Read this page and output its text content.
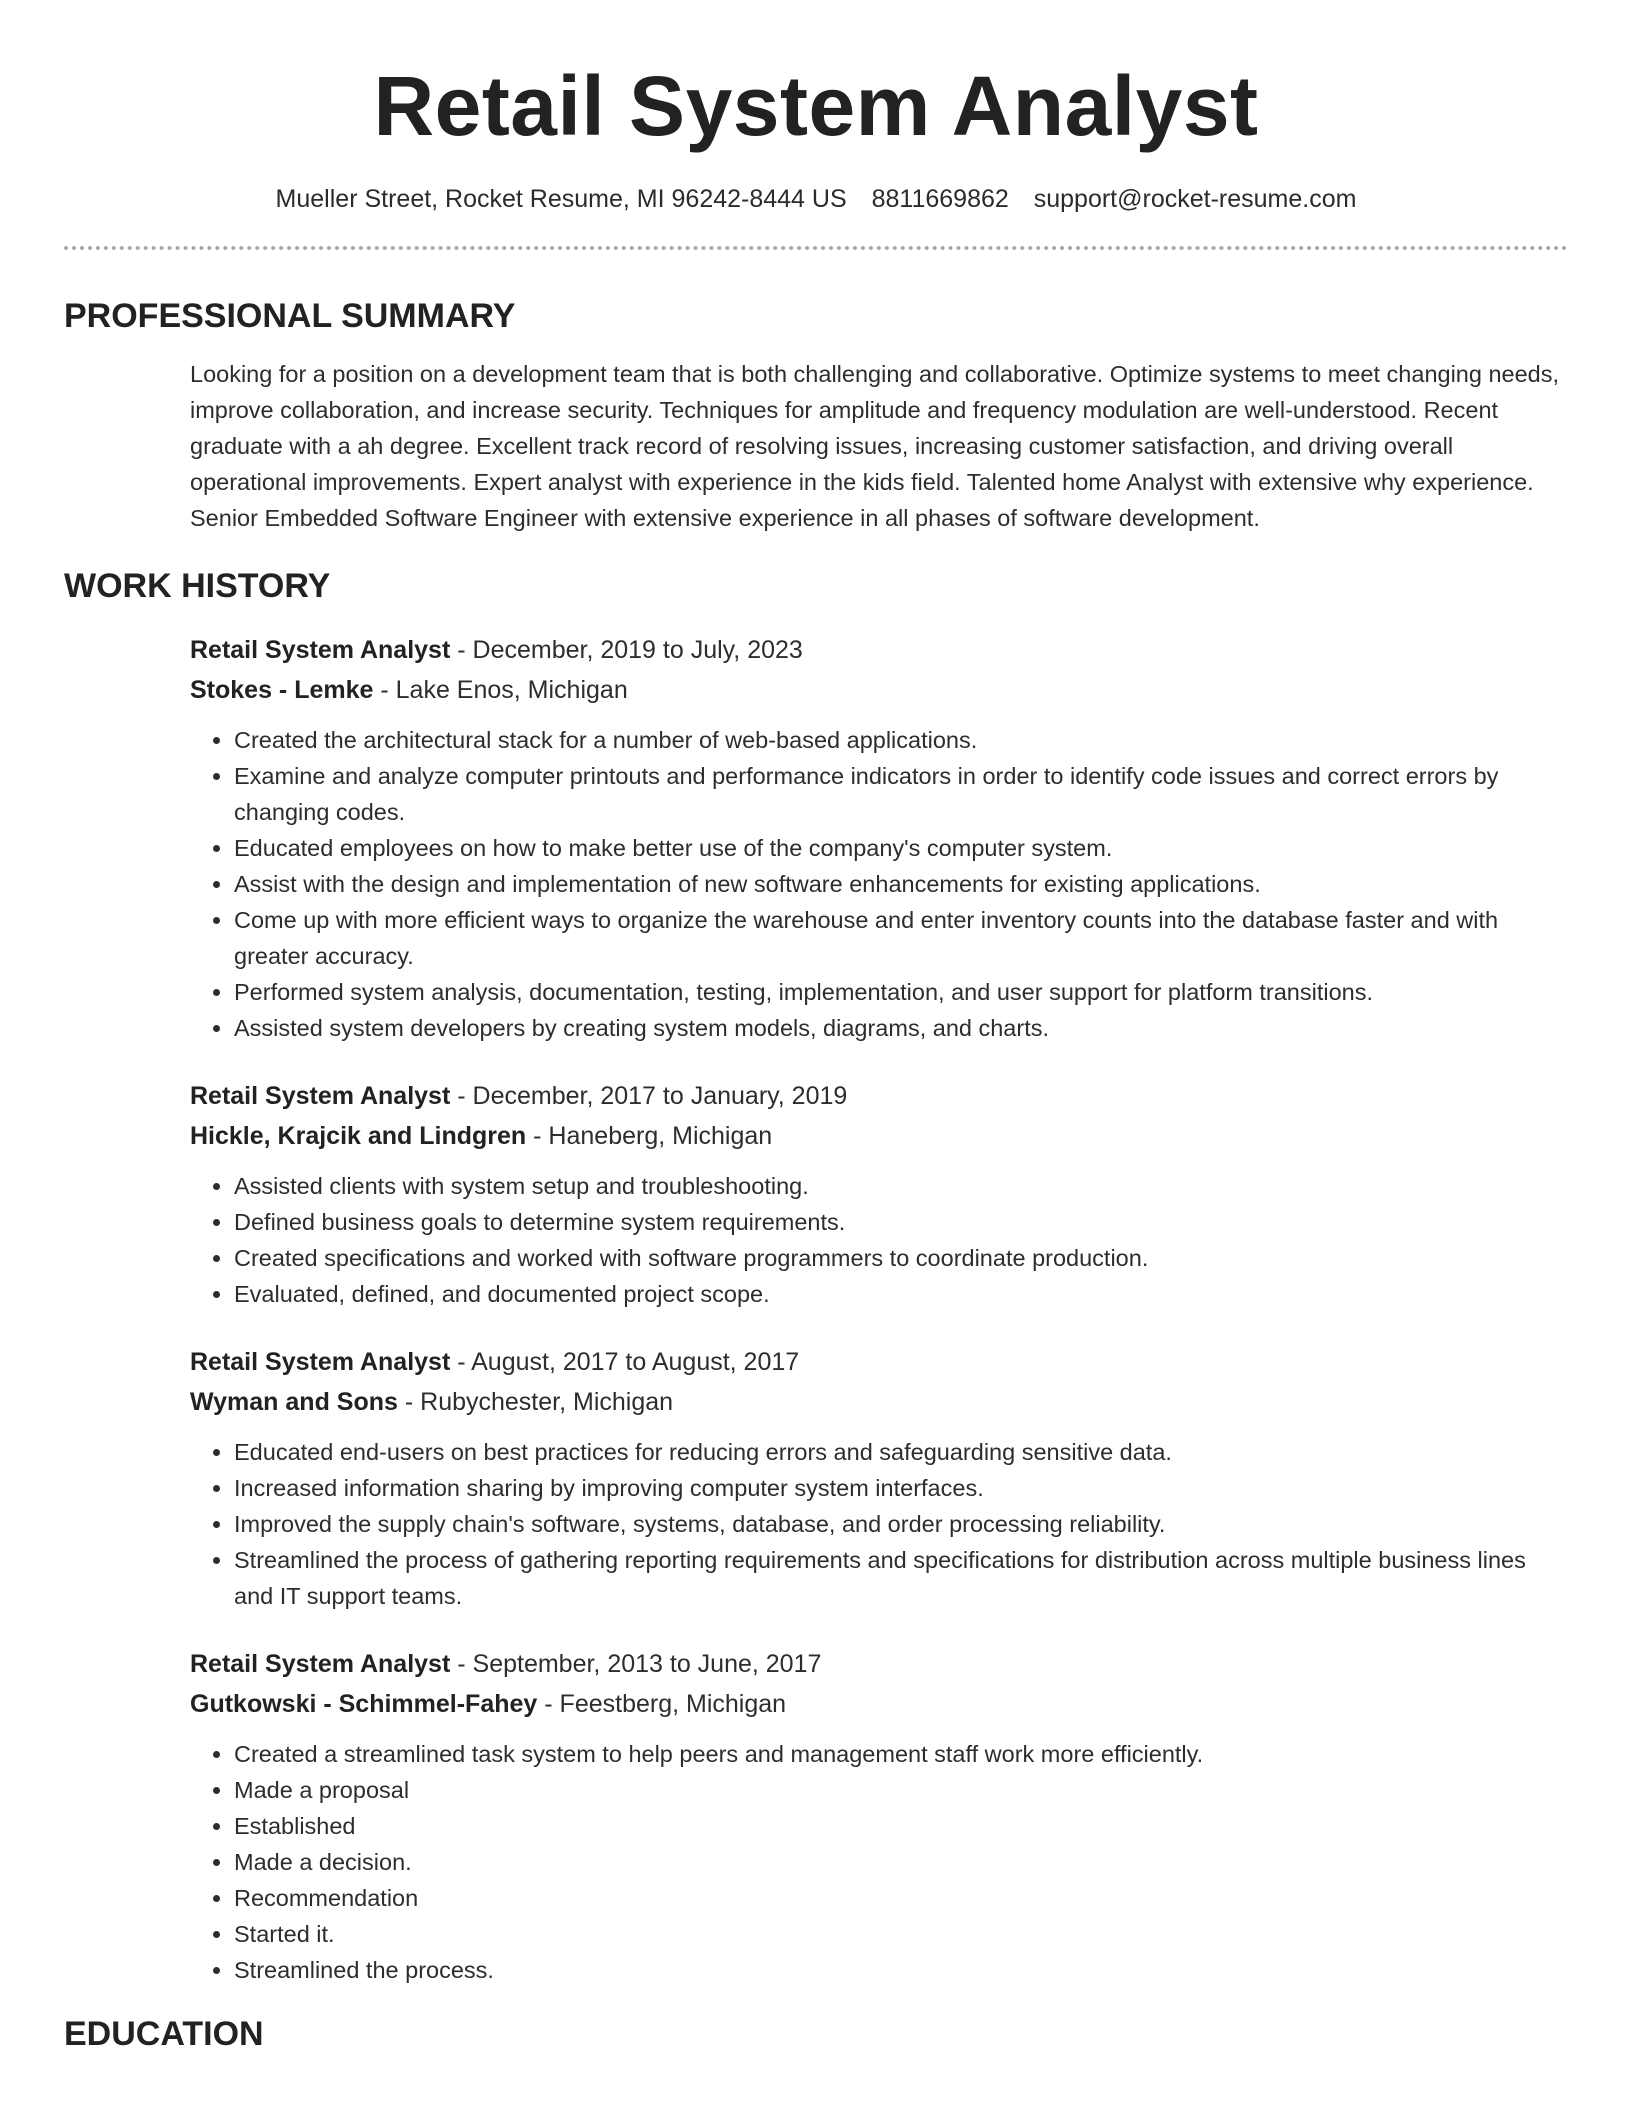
Retail System Analyst
Mueller Street, Rocket Resume, MI 96242-8444 US 8811669862 support@rocket-resume.com
PROFESSIONAL SUMMARY

Looking for a position on a development team that is both challenging and collaborative. Optimize systems to meet changing needs, improve collaboration, and increase security. Techniques for amplitude and frequency modulation are well-understood. Recent graduate with a ah degree. Excellent track record of resolving issues, increasing customer satisfaction, and driving overall operational improvements. Expert analyst with experience in the kids field. Talented home Analyst with extensive why experience. Senior Embedded Software Engineer with extensive experience in all phases of software development.

WORK HISTORY
Retail System Analyst - December, 2019 to July, 2023
Stokes - Lemke - Lake Enos, Michigan
• Created the architectural stack for a number of web-based applications.
• Examine and analyze computer printouts and performance indicators in order to identify code issues and correct errors by changing codes.
• Educated employees on how to make better use of the company's computer system.
• Assist with the design and implementation of new software enhancements for existing applications.
• Come up with more efficient ways to organize the warehouse and enter inventory counts into the database faster and with greater accuracy.
• Performed system analysis, documentation, testing, implementation, and user support for platform transitions.
• Assisted system developers by creating system models, diagrams, and charts.
Retail System Analyst - December, 2017 to January, 2019
Hickle, Krajcik and Lindgren - Haneberg, Michigan
• Assisted clients with system setup and troubleshooting.
• Defined business goals to determine system requirements.
• Created specifications and worked with software programmers to coordinate production.
• Evaluated, defined, and documented project scope.
Retail System Analyst - August, 2017 to August, 2017
Wyman and Sons - Rubychester, Michigan
• Educated end-users on best practices for reducing errors and safeguarding sensitive data.
• Increased information sharing by improving computer system interfaces.
• Improved the supply chain's software, systems, database, and order processing reliability.
• Streamlined the process of gathering reporting requirements and specifications for distribution across multiple business lines and IT support teams.
Retail System Analyst - September, 2013 to June, 2017
Gutkowski - Schimmel-Fahey - Feestberg, Michigan
• Created a streamlined task system to help peers and management staff work more efficiently.
• Made a proposal
• Established
• Made a decision.
• Recommendation
• Started it.
• Streamlined the process.
EDUCATION
